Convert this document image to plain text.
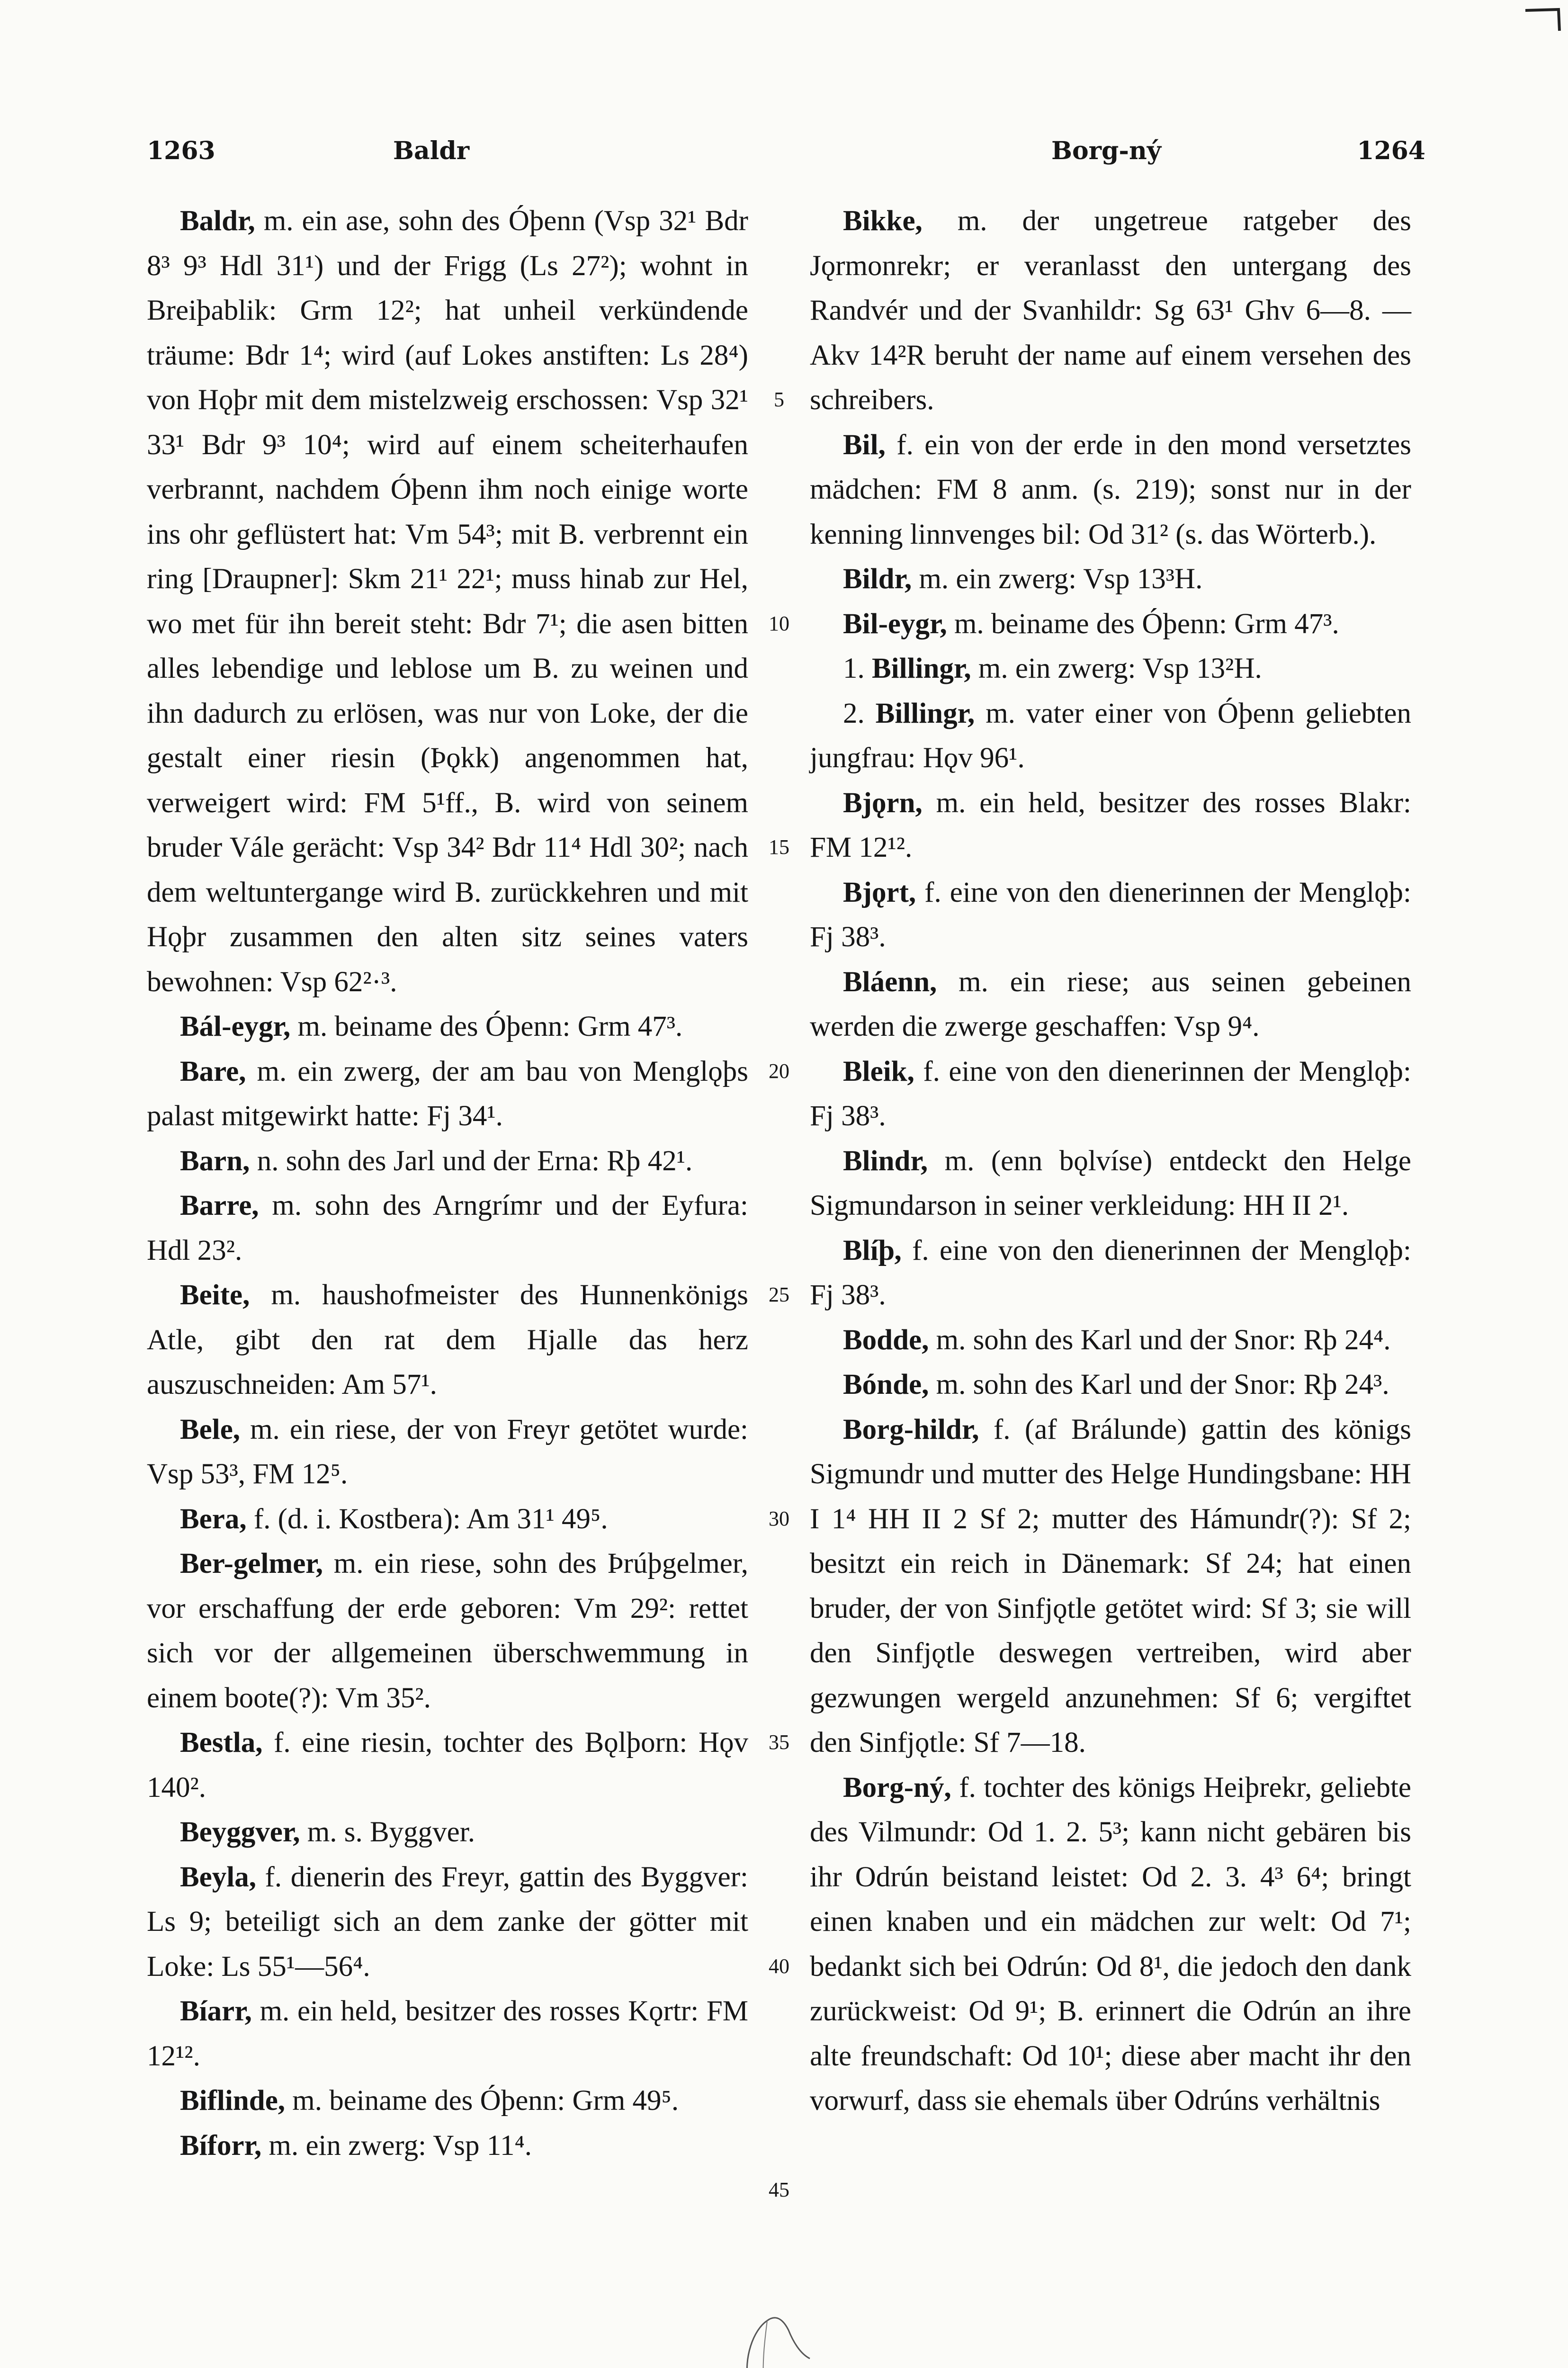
1263	Baldr	Borg-ný	1264

Baldr, m. ein ase, sohn des Óþenn (Vsp 32¹ Bdr 8³ 9³ Hdl 31¹) und der Frigg (Ls 27²); wohnt in Breiþablik: Grm 12²; hat unheil verkündende träume: Bdr 1⁴; wird (auf Lokes anstiften: Ls 28⁴) von Hǫþr mit dem mistelzweig erschossen: Vsp 32¹ 33¹ Bdr 9³ 10⁴; wird auf einem scheiterhaufen verbrannt, nachdem Óþenn ihm noch einige worte ins ohr geflüstert hat: Vm 54³; mit B. verbrennt ein ring [Draupner]: Skm 21¹ 22¹; muss hinab zur Hel, wo met für ihn bereit steht: Bdr 7¹; die asen bitten alles lebendige und leblose um B. zu weinen und ihn dadurch zu erlösen, was nur von Loke, der die gestalt einer riesin (Þǫkk) angenommen hat, verweigert wird: FM 5¹ff., B. wird von seinem bruder Vále gerächt: Vsp 34² Bdr 11⁴ Hdl 30²; nach dem weltuntergange wird B. zurückkehren und mit Hǫþr zusammen den alten sitz seines vaters bewohnen: Vsp 62²·³.

Bál-eygr, m. beiname des Óþenn: Grm 47³.

Bare, m. ein zwerg, der am bau von Menglǫþs palast mitgewirkt hatte: Fj 34¹.

Barn, n. sohn des Jarl und der Erna: Rþ 42¹.

Barre, m. sohn des Arngrímr und der Eyfura: Hdl 23².

Beite, m. haushofmeister des Hunnenkönigs Atle, gibt den rat dem Hjalle das herz auszuschneiden: Am 57¹.

Bele, m. ein riese, der von Freyr getötet wurde: Vsp 53³, FM 12⁵.

Bera, f. (d. i. Kostbera): Am 31¹ 49⁵.

Ber-gelmer, m. ein riese, sohn des Þrúþgelmer, vor erschaffung der erde geboren: Vm 29²: rettet sich vor der allgemeinen überschwemmung in einem boote(?): Vm 35².

Bestla, f. eine riesin, tochter des Bǫlþorn: Hǫv 140².

Beyggver, m. s. Byggver.

Beyla, f. dienerin des Freyr, gattin des Byggver: Ls 9; beteiligt sich an dem zanke der götter mit Loke: Ls 55¹—56⁴.

Bíarr, m. ein held, besitzer des rosses Kǫrtr: FM 12¹².

Biflinde, m. beiname des Óþenn: Grm 49⁵.

Bíforr, m. ein zwerg: Vsp 11⁴.

Bikke, m. der ungetreue ratgeber des Jǫrmonrekr; er veranlasst den untergang des Randvér und der Svanhildr: Sg 63¹ Ghv 6—8. — Akv 14²R beruht der name auf einem versehen des schreibers.

Bil, f. ein von der erde in den mond versetztes mädchen: FM 8 anm. (s. 219); sonst nur in der kenning linnvenges bil: Od 31² (s. das Wörterb.).

Bildr, m. ein zwerg: Vsp 13³H.

Bil-eygr, m. beiname des Óþenn: Grm 47³.

1. Billingr, m. ein zwerg: Vsp 13²H.

2. Billingr, m. vater einer von Óþenn geliebten jungfrau: Hǫv 96¹.

Bjǫrn, m. ein held, besitzer des rosses Blakr: FM 12¹².

Bjǫrt, f. eine von den dienerinnen der Menglǫþ: Fj 38³.

Bláenn, m. ein riese; aus seinen gebeinen werden die zwerge geschaffen: Vsp 9⁴.

Bleik, f. eine von den dienerinnen der Menglǫþ: Fj 38³.

Blindr, m. (enn bǫlvíse) entdeckt den Helge Sigmundarson in seiner verkleidung: HH II 2¹.

Blíþ, f. eine von den dienerinnen der Menglǫþ: Fj 38³.

Bodde, m. sohn des Karl und der Snor: Rþ 24⁴.

Bónde, m. sohn des Karl und der Snor: Rþ 24³.

Borg-hildr, f. (af Brálunde) gattin des königs Sigmundr und mutter des Helge Hundingsbane: HH I 1⁴ HH II 2 Sf 2; mutter des Hámundr(?): Sf 2; besitzt ein reich in Dänemark: Sf 24; hat einen bruder, der von Sinfjǫtle getötet wird: Sf 3; sie will den Sinfjǫtle deswegen vertreiben, wird aber gezwungen wergeld anzunehmen: Sf 6; vergiftet den Sinfjǫtle: Sf 7—18.

Borg-ný, f. tochter des königs Heiþrekr, geliebte des Vilmundr: Od 1. 2. 5³; kann nicht gebären bis ihr Odrún beistand leistet: Od 2. 3. 4³ 6⁴; bringt einen knaben und ein mädchen zur welt: Od 7¹; bedankt sich bei Odrún: Od 8¹, die jedoch den dank zurückweist: Od 9¹; B. erinnert die Odrún an ihre alte freundschaft: Od 10¹; diese aber macht ihr den vorwurf, dass sie ehemals über Odrúns verhältnis

5
10
15
20
25
30
35
40
45
